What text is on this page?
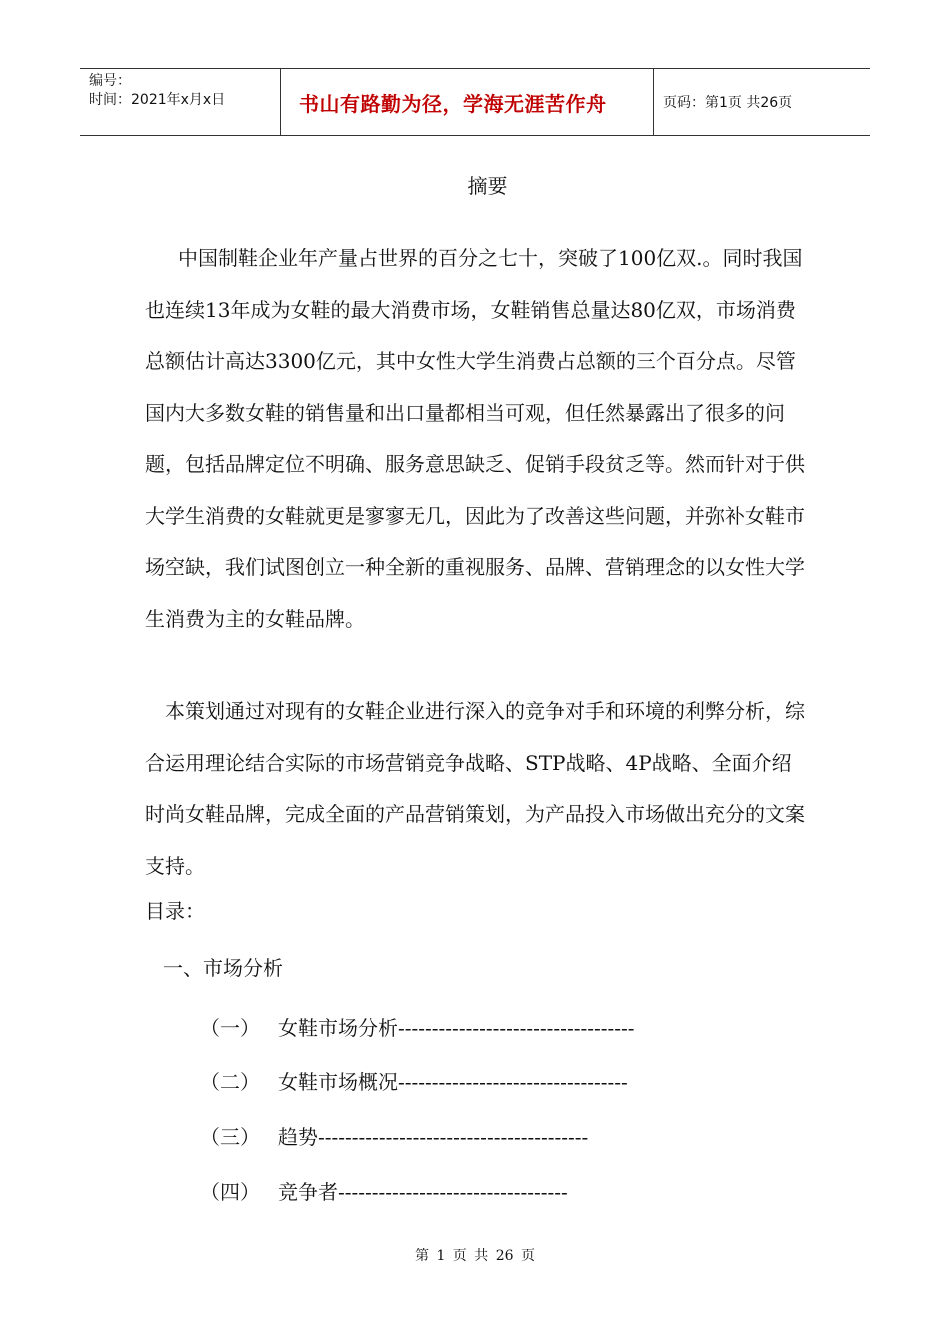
编号：
时间：2021年x月x日	书山有路勤为径，学海无涯苦作舟	页码：第1页 共26页
摘要
中国制鞋企业年产量占世界的百分之七十，突破了100亿双.。同时我国也连续13年成为女鞋的最大消费市场，女鞋销售总量达80亿双，市场消费总额估计高达3300亿元，其中女性大学生消费占总额的三个百分点。尽管国内大多数女鞋的销售量和出口量都相当可观，但任然暴露出了很多的问题，包括品牌定位不明确、服务意思缺乏、促销手段贫乏等。然而针对于供大学生消费的女鞋就更是寥寥无几，因此为了改善这些问题，并弥补女鞋市场空缺，我们试图创立一种全新的重视服务、品牌、营销理念的以女性大学生消费为主的女鞋品牌。
本策划通过对现有的女鞋企业进行深入的竞争对手和环境的利弊分析，综合运用理论结合实际的市场营销竞争战略、STP战略、4P战略、全面介绍    时尚女鞋品牌，完成全面的产品营销策划，为产品投入市场做出充分的文案支持。
目录：
一、市场分析
（一） 女鞋市场分析-----------------------------------
（二） 女鞋市场概况----------------------------------
（三） 趋势----------------------------------------
（四） 竞争者----------------------------------
第 1 页 共 26 页
